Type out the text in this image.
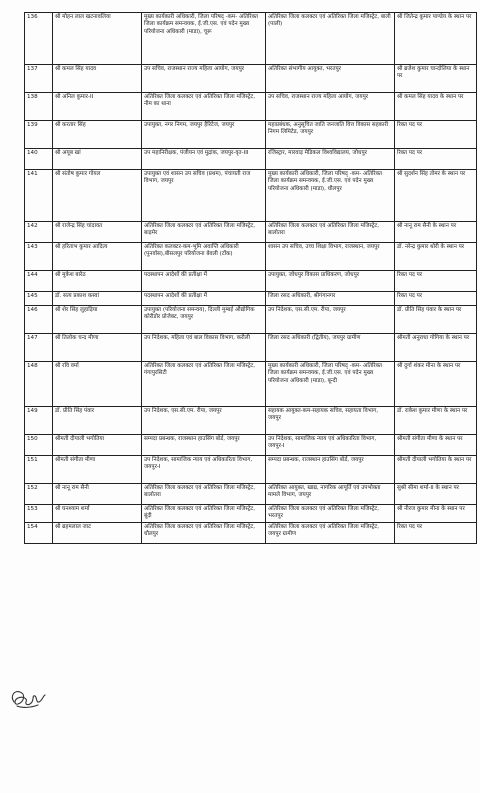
136	श्री मोहन लाल खटनावलिया	मुख्य कार्यकारी अधिकारी, जिला परिषद् -कम- अतिरिक्त जिला कार्यक्रम समन्वयक, ई.जी.एस. एवं पदेन मुख्य परियोजना अधिकारी (माडा), चूरू	अतिरिक्त जिला कलक्टर एवं अतिरिक्त जिला मजिस्ट्रेट, बाली (पाली)	श्री जितेन्द्र कुमार पाण्डेय के स्थान पर
137	श्री कमल सिंह यादव	उप सचिव, राजस्थान राज्य महिला आयोग, जयपुर	अतिरिक्त संभागीय आयुक्त, भरतपुर	श्री ब्रजेश कुमार चान्दोलिया के स्थान पर
138	श्री अनिल कुमार-II	अतिरिक्त जिला कलक्टर एवं अतिरिक्त जिला मजिस्ट्रेट, नीम का थाना	उप सचिव, राजस्थान राज्य महिला आयोग, जयपुर	श्री कमल सिंह यादव के स्थान पर
139	श्री करतार सिंह	उपायुक्त, नगर निगम, जयपुर हैरिटेज, जयपुर	महाप्रबंधक, अनुसूचित जाति जनजाति वित्त विकास सहकारी निगम लिमिटेड, जयपुर	रिक्त पद पर
140	श्री अयूब खां	उप महानिरीक्षक, पंजीयन एवं मुद्रांक, जयपुर-वृत-III	रजिस्ट्रार, मारवाड़ मेडिकल विश्वविद्यालय, जोधपुर	रिक्त पद पर
141	श्री संतोष कुमार गोयल	उपायुक्त एवं शासन उप सचिव (प्रथम), पंचायती राज विभाग, जयपुर	मुख्य कार्यकारी अधिकारी, जिला परिषद् -कम- अतिरिक्त जिला कार्यक्रम समन्वयक, ई.जी.एस. एवं पदेन मुख्य परियोजना अधिकारी (माडा), धौलपुर	श्री सुदर्शन सिंह तोमर के स्थान पर
142	श्री राजेन्द्र सिंह चांदावत	अतिरिक्त जिला कलक्टर एवं अतिरिक्त जिला मजिस्ट्रेट, बाड़मेर	अतिरिक्त जिला कलक्टर एवं अतिरिक्त जिला मजिस्ट्रेट, बालोतरा	श्री नानू राम सैनी के स्थान पर
143	श्री हरिताभ कुमार आदित्य	अतिरिक्त कलक्टर-कम-भूमि अवाप्ति अधिकारी (पुनर्वास),बीसलपुर परियोजना बेवली (टोंक)	शासन उप सचिव, उच्च शिक्षा विभाग, राजस्थान, जयपुर	डॉ. नरेन्द्र कुमार थोरी के स्थान पर
144	श्री मुकेश बारेठ	पदस्थापन आदेशों की प्रतीक्षा में	उपायुक्त, जोधपुर विकास प्राधिकरण, जोधपुर	रिक्त पद पर
145	डॉ. सत्य प्रकाश कस्वां	पदस्थापन आदेशों की प्रतीक्षा में	जिला रसद अधिकारी, श्रीगंगानगर	रिक्त पद पर
146	श्री शेर सिंह लुहाड़िया	उपायुक्त (परियोजना समन्वय), दिल्ली मुम्बई औद्योगिक कोरीडोर प्रोजेक्ट, जयपुर	उप निदेशक, एस.सी.एम. रीपा, जयपुर	डॉ. प्रीति सिंह पंवार के स्थान पर
147	श्री तिलोक चन्द मीणा	उप निदेशक, महिला एवं बाल विकास विभाग, करौली	जिला रसद अधिकारी (द्वितीय), जयपुर ग्रामीण	श्रीमती अनुराधा गोगिया के स्थान पर
148	श्री रवि वर्मा	अतिरिक्त जिला कलक्टर एवं अतिरिक्त जिला मजिस्ट्रेट, गंगापुरसिटी	मुख्य कार्यकारी अधिकारी, जिला परिषद् -कम- अतिरिक्त जिला कार्यक्रम समन्वयक, ई.जी.एस. एवं पदेन मुख्य परियोजना अधिकारी (माडा), बून्दी	श्री दुर्गा शंकर मीना के स्थान पर
149	डॉ. प्रीति सिंह पंवार	उप निदेशक, एस.सी.एम. रीपा, जयपुर	सहायक आयुक्त-कम-सहायक सचिव, सहायता विभाग, जयपुर	डॉ. राकेश कुमार मीणा के स्थान पर
150	श्रीमती दीपाली भगोतिया	सम्पदा प्रबन्धक, राजस्थान हाउसिंग बोर्ड, जयपुर	उप निदेशक, सामाजिक न्याय एवं अधिकारिता विभाग, जयपुर-I	श्रीमती संगीता मीणा के स्थान पर
151	श्रीमती संगीता मीणा	उप निदेशक, सामाजिक न्याय एवं अधिकारिता विभाग, जयपुर-I	सम्पदा प्रबन्धक, राजस्थान हाउसिंग बोर्ड, जयपुर	श्रीमती दीपाली भगोतिया के स्थान पर
152	श्री नानू राम सैनी	अतिरिक्त जिला कलक्टर एवं अतिरिक्त जिला मजिस्ट्रेट, बालोतरा	अतिरिक्त आयुक्त, खाद्य, नागरिक आपूर्ति एवं उपभोक्ता मामले विभाग, जयपुर	सुश्री सीमा शर्मा-II के स्थान पर
153	श्री घनश्याम शर्मा	अतिरिक्त जिला कलक्टर एवं अतिरिक्त जिला मजिस्ट्रेट, बूंदी	अतिरिक्त जिला कलक्टर एवं अतिरिक्त जिला मजिस्ट्रेट, भरतपुर	श्री नीरज कुमार मीना के स्थान पर
154	श्री ब्रहमलाल जाट	अतिरिक्त जिला कलक्टर एवं अतिरिक्त जिला मजिस्ट्रेट, धौलपुर	अतिरिक्त जिला कलक्टर एवं अतिरिक्त जिला मजिस्ट्रेट, जयपुर ग्रामीण	रिक्त पद पर
